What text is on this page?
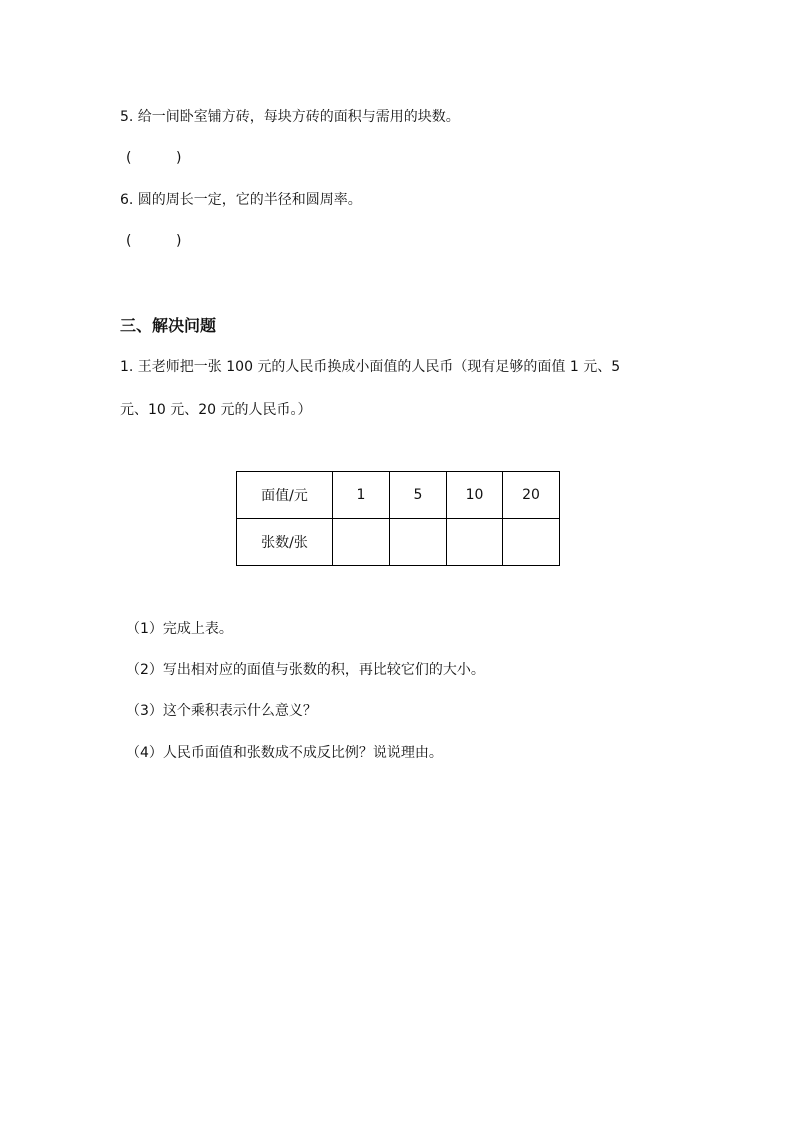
5. 给一间卧室铺方砖，每块方砖的面积与需用的块数。
(          )
6. 圆的周长一定，它的半径和圆周率。
(          )
三、解决问题
1. 王老师把一张 100 元的人民币换成小面值的人民币（现有足够的面值 1 元、5
元、10 元、20 元的人民币。）
面值/元	1	5	10	20
张数/张				
（1）完成上表。
（2）写出相对应的面值与张数的积，再比较它们的大小。
（3）这个乘积表示什么意义？
（4）人民币面值和张数成不成反比例？说说理由。
